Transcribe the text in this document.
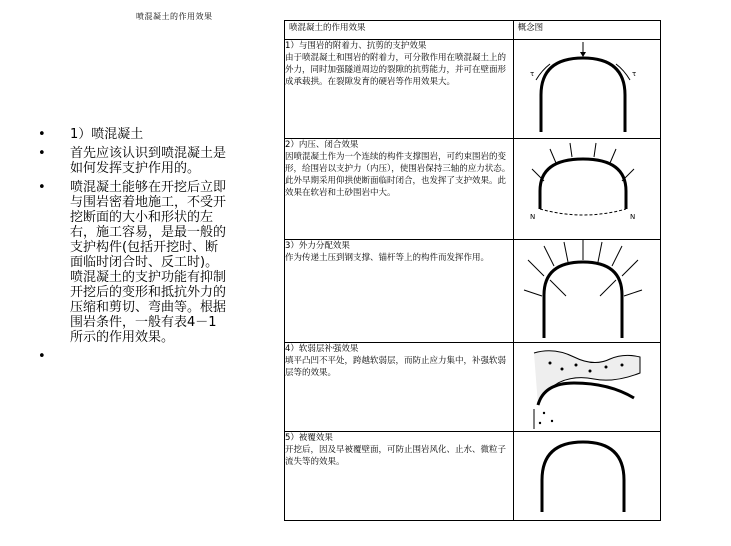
喷混凝土的作用效果
• 1）喷混凝土
• 首先应该认识到喷混凝土是如何发挥支护作用的。
• 喷混凝土能够在开挖后立即与围岩密着地施工，不受开挖断面的大小和形状的左右，施工容易，是最一般的支护构件(包括开挖时、断面临时闭合时、反工时)。喷混凝土的支护功能有抑制开挖后的变形和抵抗外力的压缩和剪切、弯曲等。根据围岩条件，一般有表4－1所示的作用效果。
•
喷混凝土的作用效果	概念图

1）与围岩的附着力、抗剪的支护效果
由于喷混凝土和围岩的附着力，可分散作用在喷混凝土上的外力，同时加强隧道周边的裂隙的抗剪能力，并可在壁面形成承载拱。在裂隙发育的硬岩等作用效果大。	τ τ

2）内压、闭合效果
因喷混凝土作为一个连续的构件支撑围岩，可约束围岩的变形，给围岩以支护力（内压），使围岩保持三轴的应力状态。此外早期采用仰拱使断面临时闭合，也发挥了支护效果。此效果在软岩和土砂围岩中大。	N N

3）外力分配效果
作为传递土压到钢支撑、锚杆等上的构件而发挥作用。

4）软弱层补强效果
填平凸凹不平处，跨越软弱层，而防止应力集中，补强软弱层等的效果。

5）被覆效果
开挖后，因及早被覆壁面，可防止围岩风化、止水、微粒子流失等的效果。
